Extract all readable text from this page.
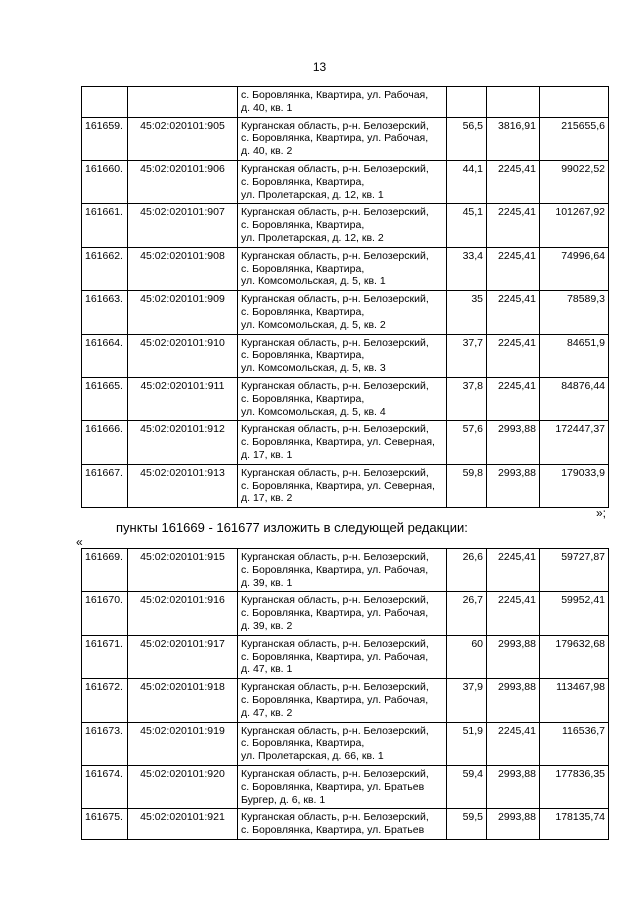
13

		с. Боровлянка, Квартира, ул. Рабочая,
д. 40, кв. 1			

161659.	45:02:020101:905	Курганская область, р-н. Белозерский,
с. Боровлянка, Квартира, ул. Рабочая,
д. 40, кв. 2	56,5	3816,91	215655,6
161660.	45:02:020101:906	Курганская область, р-н. Белозерский,
с. Боровлянка, Квартира,
ул. Пролетарская, д. 12, кв. 1	44,1	2245,41	99022,52
161661.	45:02:020101:907	Курганская область, р-н. Белозерский,
с. Боровлянка, Квартира,
ул. Пролетарская, д. 12, кв. 2	45,1	2245,41	101267,92
161662.	45:02:020101:908	Курганская область, р-н. Белозерский,
с. Боровлянка, Квартира,
ул. Комсомольская, д. 5, кв. 1	33,4	2245,41	74996,64
161663.	45:02:020101:909	Курганская область, р-н. Белозерский,
с. Боровлянка, Квартира,
ул. Комсомольская, д. 5, кв. 2	35	2245,41	78589,3
161664.	45:02:020101:910	Курганская область, р-н. Белозерский,
с. Боровлянка, Квартира,
ул. Комсомольская, д. 5, кв. 3	37,7	2245,41	84651,9
161665.	45:02:020101:911	Курганская область, р-н. Белозерский,
с. Боровлянка, Квартира,
ул. Комсомольская, д. 5, кв. 4	37,8	2245,41	84876,44
161666.	45:02:020101:912	Курганская область, р-н. Белозерский,
с. Боровлянка, Квартира, ул. Северная,
д. 17, кв. 1	57,6	2993,88	172447,37
161667.	45:02:020101:913	Курганская область, р-н. Белозерский,
с. Боровлянка, Квартира, ул. Северная,
д. 17, кв. 2	59,8	2993,88	179033,9
»;
пункты 161669 - 161677 изложить в следующей редакции:
«
161669.	45:02:020101:915	Курганская область, р-н. Белозерский,
с. Боровлянка, Квартира, ул. Рабочая,
д. 39, кв. 1	26,6	2245,41	59727,87
161670.	45:02:020101:916	Курганская область, р-н. Белозерский,
с. Боровлянка, Квартира, ул. Рабочая,
д. 39, кв. 2	26,7	2245,41	59952,41
161671.	45:02:020101:917	Курганская область, р-н. Белозерский,
с. Боровлянка, Квартира, ул. Рабочая,
д. 47, кв. 1	60	2993,88	179632,68
161672.	45:02:020101:918	Курганская область, р-н. Белозерский,
с. Боровлянка, Квартира, ул. Рабочая,
д. 47, кв. 2	37,9	2993,88	113467,98
161673.	45:02:020101:919	Курганская область, р-н. Белозерский,
с. Боровлянка, Квартира,
ул. Пролетарская, д. 66, кв. 1	51,9	2245,41	116536,7
161674.	45:02:020101:920	Курганская область, р-н. Белозерский,
с. Боровлянка, Квартира, ул. Братьев
Бургер, д. 6, кв. 1	59,4	2993,88	177836,35
161675.	45:02:020101:921	Курганская область, р-н. Белозерский,
с. Боровлянка, Квартира, ул. Братьев	59,5	2993,88	178135,74
